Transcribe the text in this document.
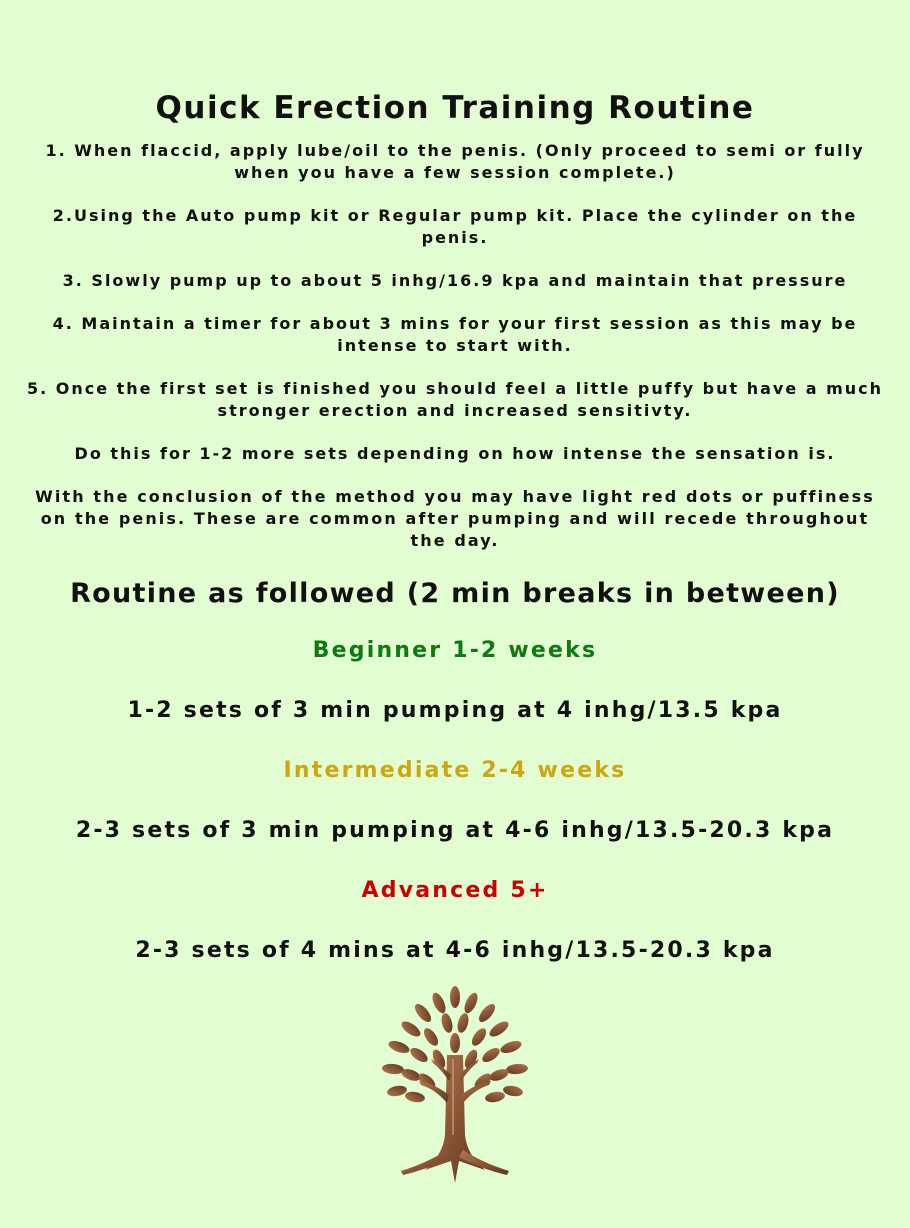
Quick Erection Training Routine

1. When flaccid, apply lube/oil to the penis. (Only proceed to semi or fully when you have a few session complete.)

2.Using the Auto pump kit or Regular pump kit. Place the cylinder on the penis.

3. Slowly pump up to about 5 inhg/16.9 kpa and maintain that pressure

4. Maintain a timer for about 3 mins for your first session as this may be intense to start with.

5. Once the first set is finished you should feel a little puffy but have a much stronger erection and increased sensitivty.

Do this for 1-2 more sets depending on how intense the sensation is.

With the conclusion of the method you may have light red dots or puffiness on the penis. These are common after pumping and will recede throughout the day.

Routine as followed (2 min breaks in between)

Beginner 1-2 weeks

1-2 sets of 3 min pumping at 4 inhg/13.5 kpa

Intermediate 2-4 weeks

2-3 sets of 3 min pumping at 4-6 inhg/13.5-20.3 kpa

Advanced 5+

2-3 sets of 4 mins at 4-6 inhg/13.5-20.3 kpa
